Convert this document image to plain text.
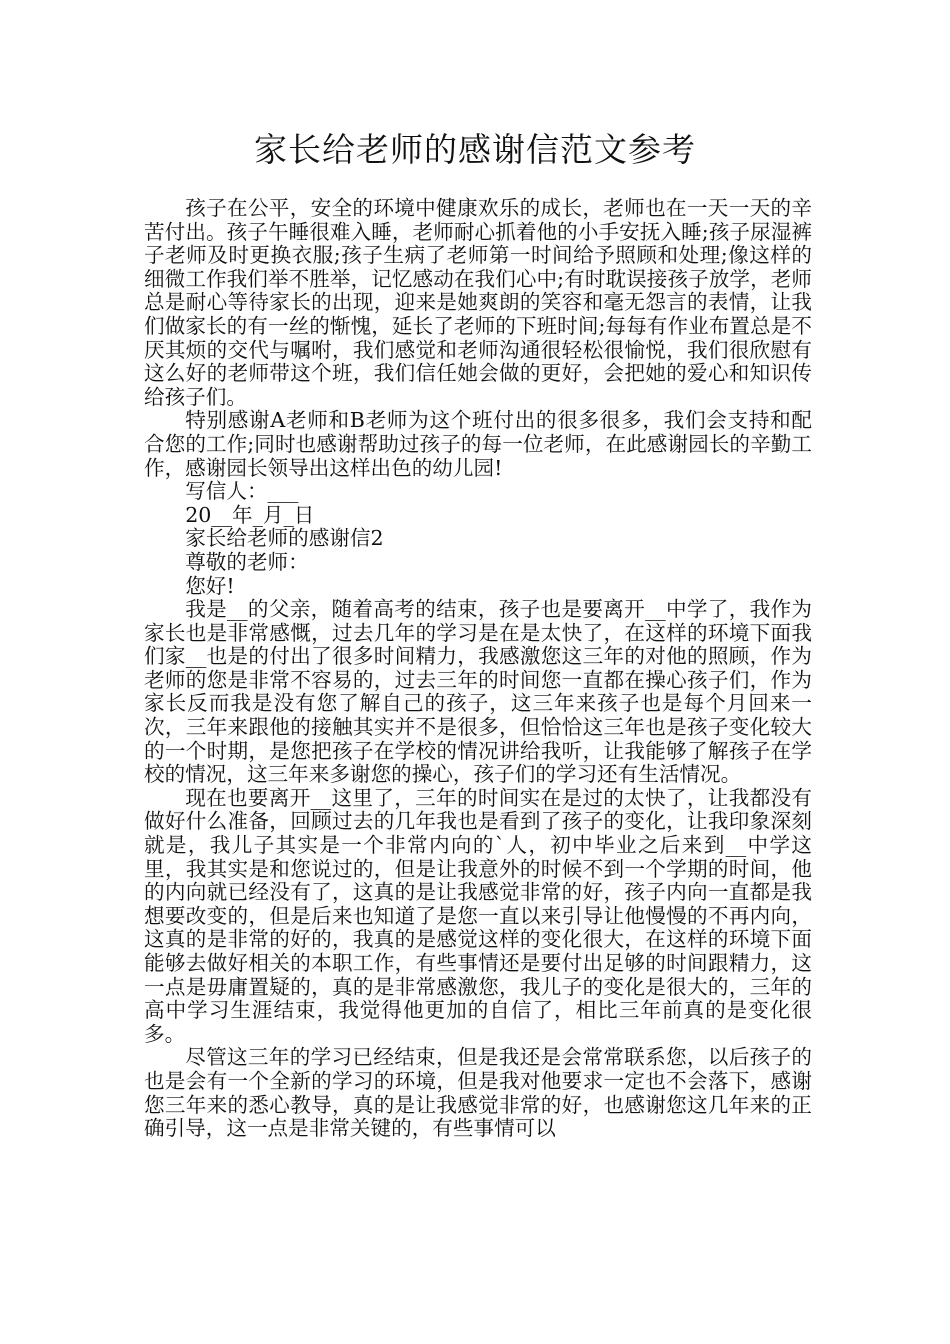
家长给老师的感谢信范文参考

孩子在公平，安全的环境中健康欢乐的成长，老师也在一天一天的辛苦付出。孩子午睡很难入睡，老师耐心抓着他的小手安抚入睡;孩子尿湿裤子老师及时更换衣服;孩子生病了老师第一时间给予照顾和处理;像这样的细微工作我们举不胜举，记忆感动在我们心中;有时耽误接孩子放学，老师总是耐心等待家长的出现，迎来是她爽朗的笑容和毫无怨言的表情，让我们做家长的有一丝的惭愧，延长了老师的下班时间;每每有作业布置总是不厌其烦的交代与嘱咐，我们感觉和老师沟通很轻松很愉悦，我们很欣慰有这么好的老师带这个班，我们信任她会做的更好，会把她的爱心和知识传给孩子们。

特别感谢A老师和B老师为这个班付出的很多很多，我们会支持和配合您的工作;同时也感谢帮助过孩子的每一位老师，在此感谢园长的辛勤工作，感谢园长领导出这样出色的幼儿园!

写信人：___

20__年_月_日

家长给老师的感谢信2

尊敬的老师：

您好!

我是__的父亲，随着高考的结束，孩子也是要离开__中学了，我作为家长也是非常感慨，过去几年的学习是在是太快了，在这样的环境下面我们家__也是的付出了很多时间精力，我感激您这三年的对他的照顾，作为老师的您是非常不容易的，过去三年的时间您一直都在操心孩子们，作为家长反而我是没有您了解自己的孩子，这三年来孩子也是每个月回来一次，三年来跟他的接触其实并不是很多，但恰恰这三年也是孩子变化较大的一个时期，是您把孩子在学校的情况讲给我听，让我能够了解孩子在学校的情况，这三年来多谢您的操心，孩子们的学习还有生活情况。

现在也要离开__这里了，三年的时间实在是过的太快了，让我都没有做好什么准备，回顾过去的几年我也是看到了孩子的变化，让我印象深刻就是，我儿子其实是一个非常内向的`人，初中毕业之后来到__中学这里，我其实是和您说过的，但是让我意外的时候不到一个学期的时间，他的内向就已经没有了，这真的是让我感觉非常的好，孩子内向一直都是我想要改变的，但是后来也知道了是您一直以来引导让他慢慢的不再内向，这真的是非常的好的，我真的是感觉这样的变化很大，在这样的环境下面能够去做好相关的本职工作，有些事情还是要付出足够的时间跟精力，这一点是毋庸置疑的，真的是非常感激您，我儿子的变化是很大的，三年的高中学习生涯结束，我觉得他更加的自信了，相比三年前真的是变化很多。

尽管这三年的学习已经结束，但是我还是会常常联系您，以后孩子的也是会有一个全新的学习的环境，但是我对他要求一定也不会落下，感谢您三年来的悉心教导，真的是让我感觉非常的好，也感谢您这几年来的正确引导，这一点是非常关键的，有些事情可以
